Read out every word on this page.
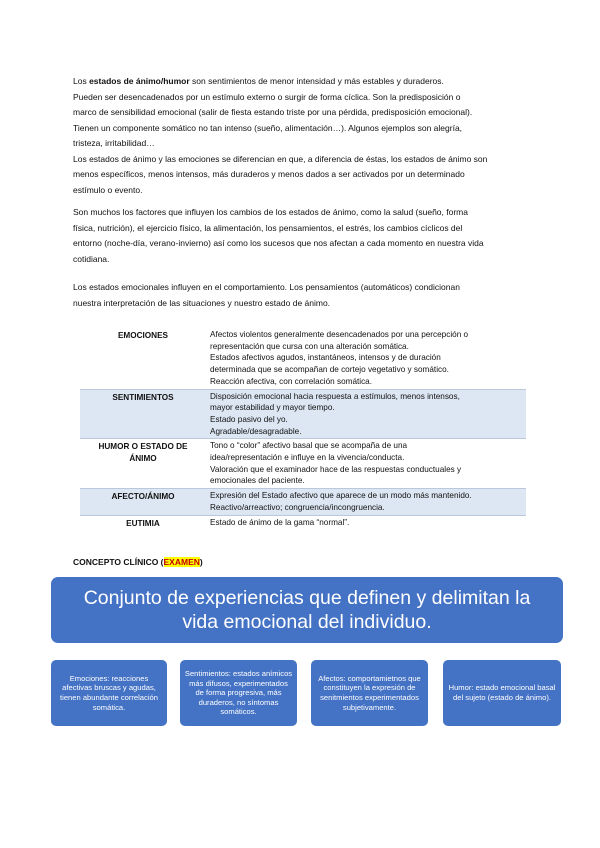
Los estados de ánimo/humor son sentimientos de menor intensidad y más estables y duraderos.
Pueden ser desencadenados por un estímulo externo o surgir de forma cíclica. Son la predisposición o
marco de sensibilidad emocional (salir de fiesta estando triste por una pérdida, predisposición emocional).
Tienen un componente somático no tan intenso (sueño, alimentación…). Algunos ejemplos son alegría,
tristeza, irritabilidad…
Los estados de ánimo y las emociones se diferencian en que, a diferencia de éstas, los estados de ánimo son
menos específicos, menos intensos, más duraderos y menos dados a ser activados por un determinado
estímulo o evento.

Son muchos los factores que influyen los cambios de los estados de ánimo, como la salud (sueño, forma
física, nutrición), el ejercicio físico, la alimentación, los pensamientos, el estrés, los cambios cíclicos del
entorno (noche-día, verano-invierno) así como los sucesos que nos afectan a cada momento en nuestra vida
cotidiana.

Los estados emocionales influyen en el comportamiento. Los pensamientos (automáticos) condicionan
nuestra interpretación de las situaciones y nuestro estado de ánimo.

EMOCIONES	Afectos violentos generalmente desencadenados por una percepción o
representación que cursa con una alteración somática.
Estados afectivos agudos, instantáneos, intensos y de duración
determinada que se acompañan de cortejo vegetativo y somático.
Reacción afectiva, con correlación somática.

SENTIMIENTOS	Disposición emocional hacia respuesta a estímulos, menos intensos,
mayor estabilidad y mayor tiempo.
Estado pasivo del yo.
Agradable/desagradable.

HUMOR O ESTADO DE ÁNIMO	Tono o “color” afectivo basal que se acompaña de una
idea/representación e influye en la vivencia/conducta.
Valoración que el examinador hace de las respuestas conductuales y
emocionales del paciente.

AFECTO/ÁNIMO	Expresión del Estado afectivo que aparece de un modo más mantenido.
Reactivo/arreactivo; congruencia/incongruencia.

EUTIMIA	Estado de ánimo de la gama “normal”.
CONCEPTO CLÍNICO (EXAMEN)
Conjunto de experiencias que definen y delimitan la vida emocional del individuo.
Emociones: reacciones afectivas bruscas y agudas, tienen abundante correlación somática.
Sentimientos: estados anímicos más difusos, experimentados de forma progresiva, más duraderos, no síntomas somáticos.
Afectos: comportamietnos que constituyen la expresión de senitmientos experimentados subjetivamente.
Humor: estado emocional basal del sujeto (estado de ánimo).
